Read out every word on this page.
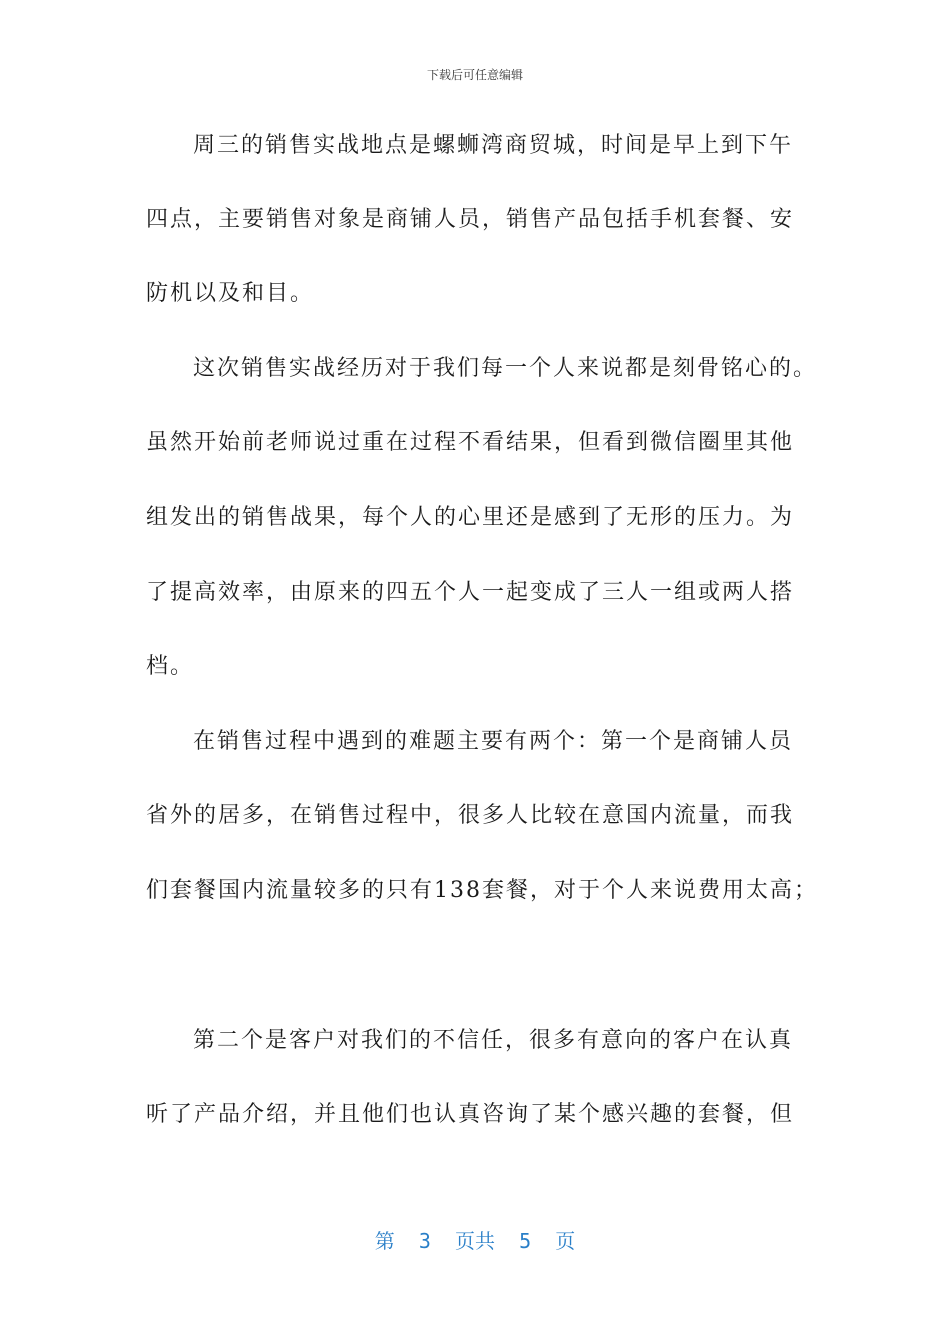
下载后可任意编辑
周三的销售实战地点是螺蛳湾商贸城，时间是早上到下午
四点，主要销售对象是商铺人员，销售产品包括手机套餐、安
防机以及和目。
这次销售实战经历对于我们每一个人来说都是刻骨铭心的。
虽然开始前老师说过重在过程不看结果，但看到微信圈里其他
组发出的销售战果，每个人的心里还是感到了无形的压力。为
了提高效率，由原来的四五个人一起变成了三人一组或两人搭
档。
在销售过程中遇到的难题主要有两个：第一个是商铺人员
省外的居多，在销售过程中，很多人比较在意国内流量，而我
们套餐国内流量较多的只有138套餐，对于个人来说费用太高；
第二个是客户对我们的不信任，很多有意向的客户在认真
听了产品介绍，并且他们也认真咨询了某个感兴趣的套餐，但
第  3  页共  5  页
